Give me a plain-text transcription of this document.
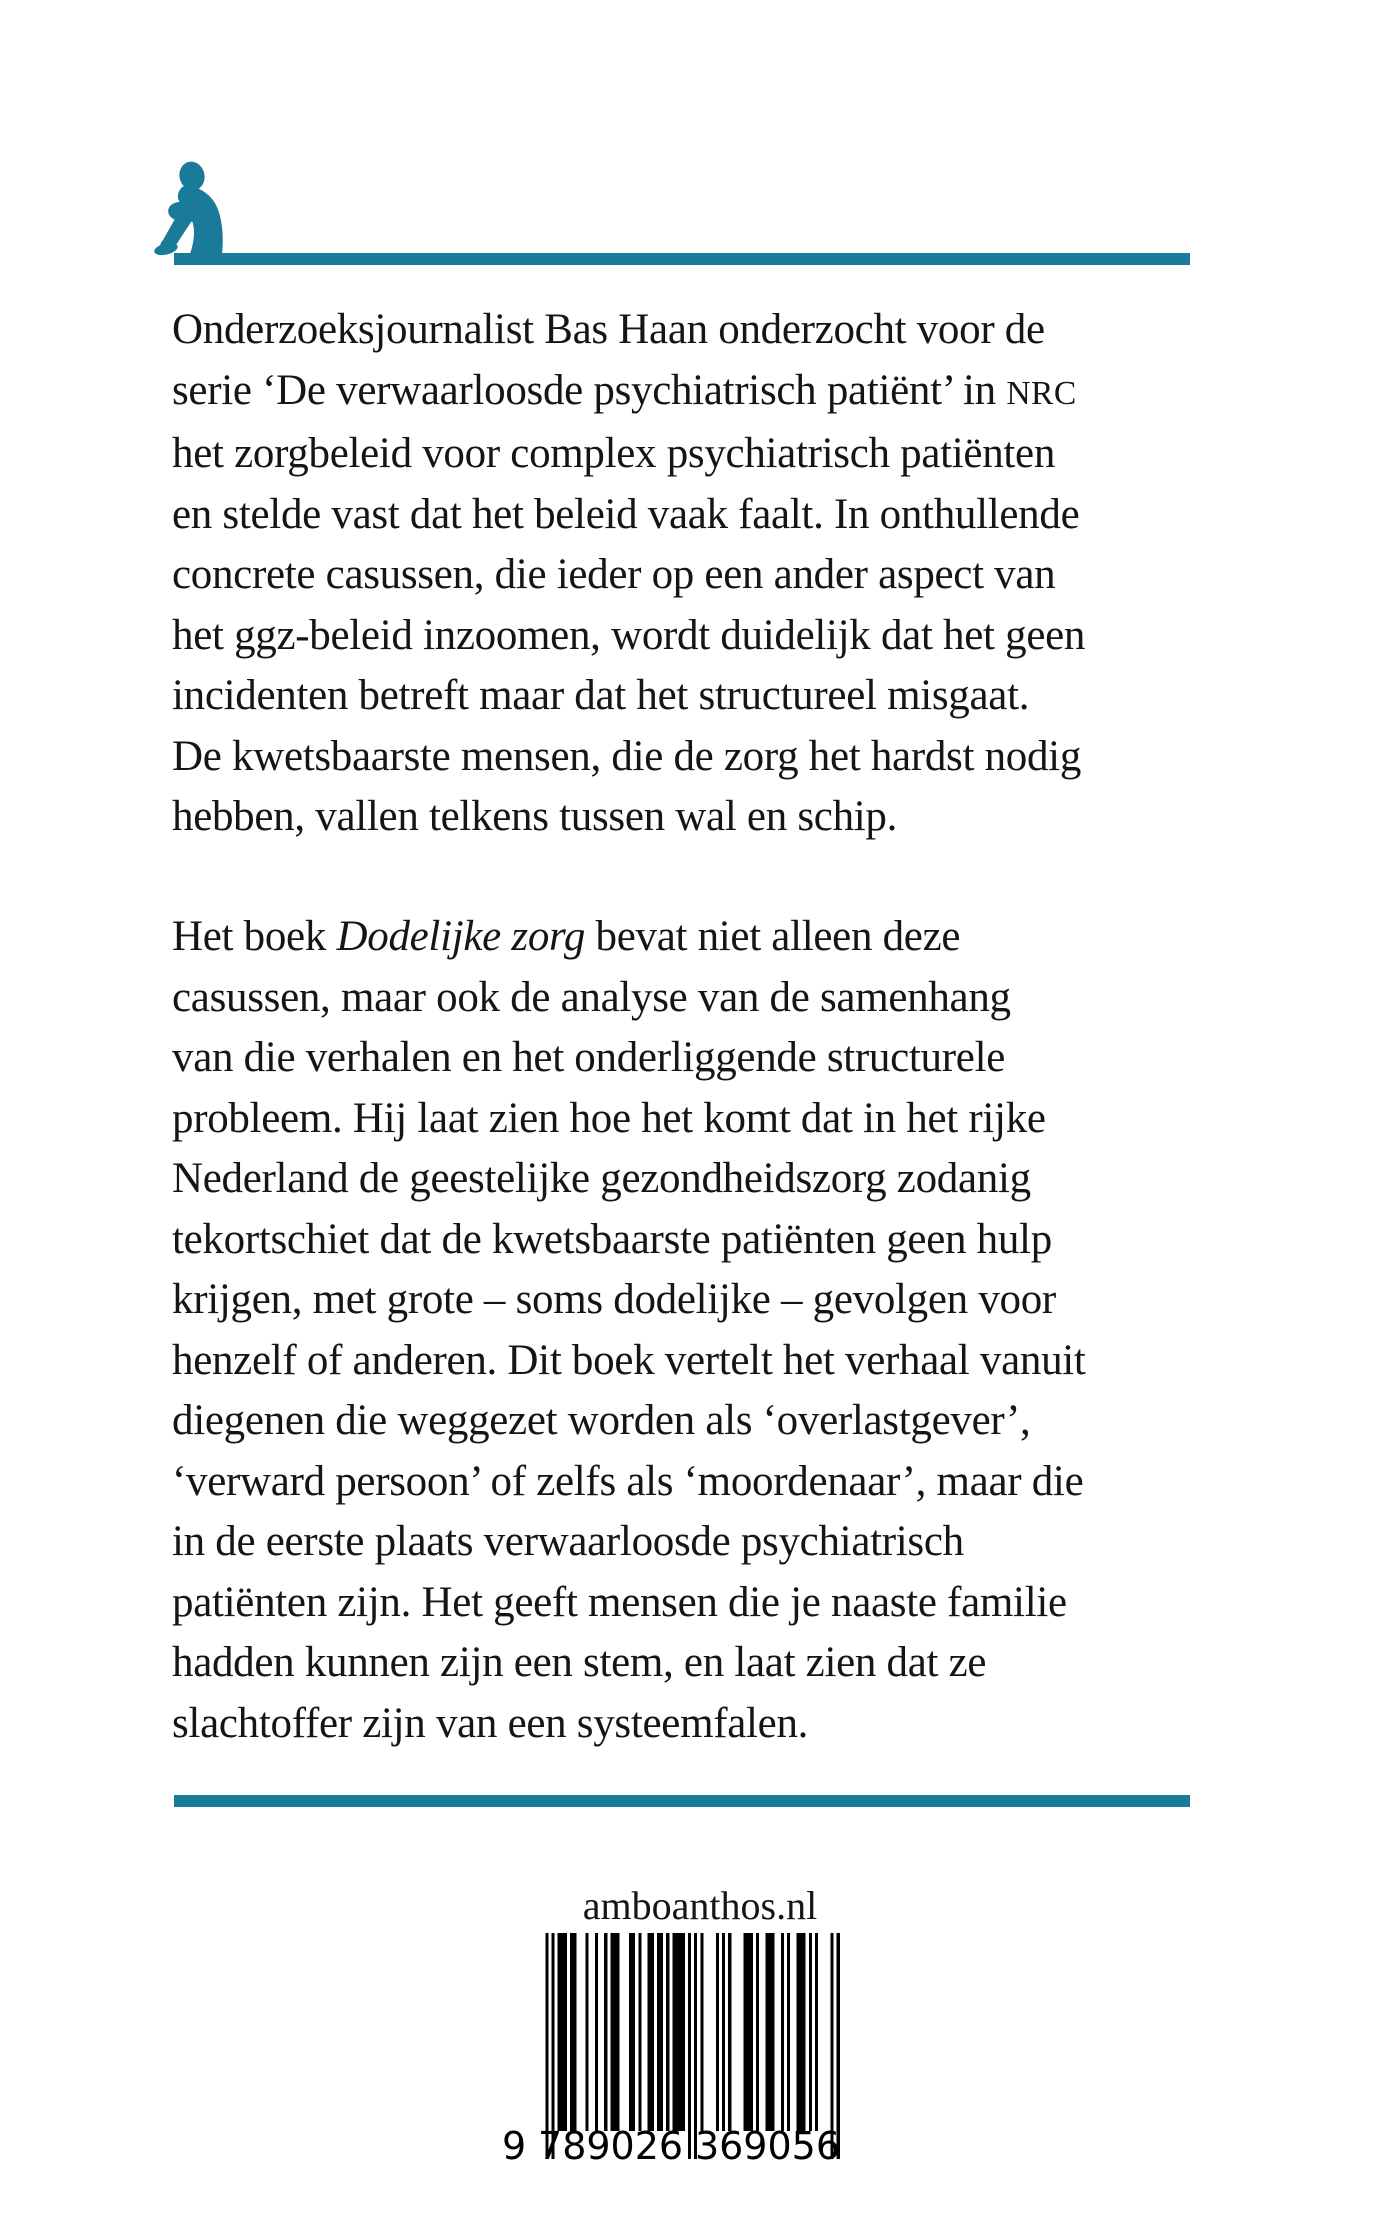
Onderzoeksjournalist Bas Haan onderzocht voor de
serie ‘De verwaarloosde psychiatrisch patiënt’ in NRC
het zorgbeleid voor complex psychiatrisch patiënten
en stelde vast dat het beleid vaak faalt. In onthullende
concrete casussen, die ieder op een ander aspect van
het ggz-beleid inzoomen, wordt duidelijk dat het geen
incidenten betreft maar dat het structureel misgaat.
De kwetsbaarste mensen, die de zorg het hardst nodig
hebben, vallen telkens tussen wal en schip.
Het boek Dodelijke zorg bevat niet alleen deze
casussen, maar ook de analyse van de samenhang
van die verhalen en het onderliggende structurele
probleem. Hij laat zien hoe het komt dat in het rijke
Nederland de geestelijke gezondheidszorg zodanig
tekortschiet dat de kwetsbaarste patiënten geen hulp
krijgen, met grote – soms dodelijke – gevolgen voor
henzelf of anderen. Dit boek vertelt het verhaal vanuit
diegenen die weggezet worden als ‘overlastgever’,
‘verward persoon’ of zelfs als ‘moordenaar’, maar die
in de eerste plaats verwaarloosde psychiatrisch
patiënten zijn. Het geeft mensen die je naaste familie
hadden kunnen zijn een stem, en laat zien dat ze
slachtoffer zijn van een systeemfalen.
amboanthos.nl
9 789026 369056
